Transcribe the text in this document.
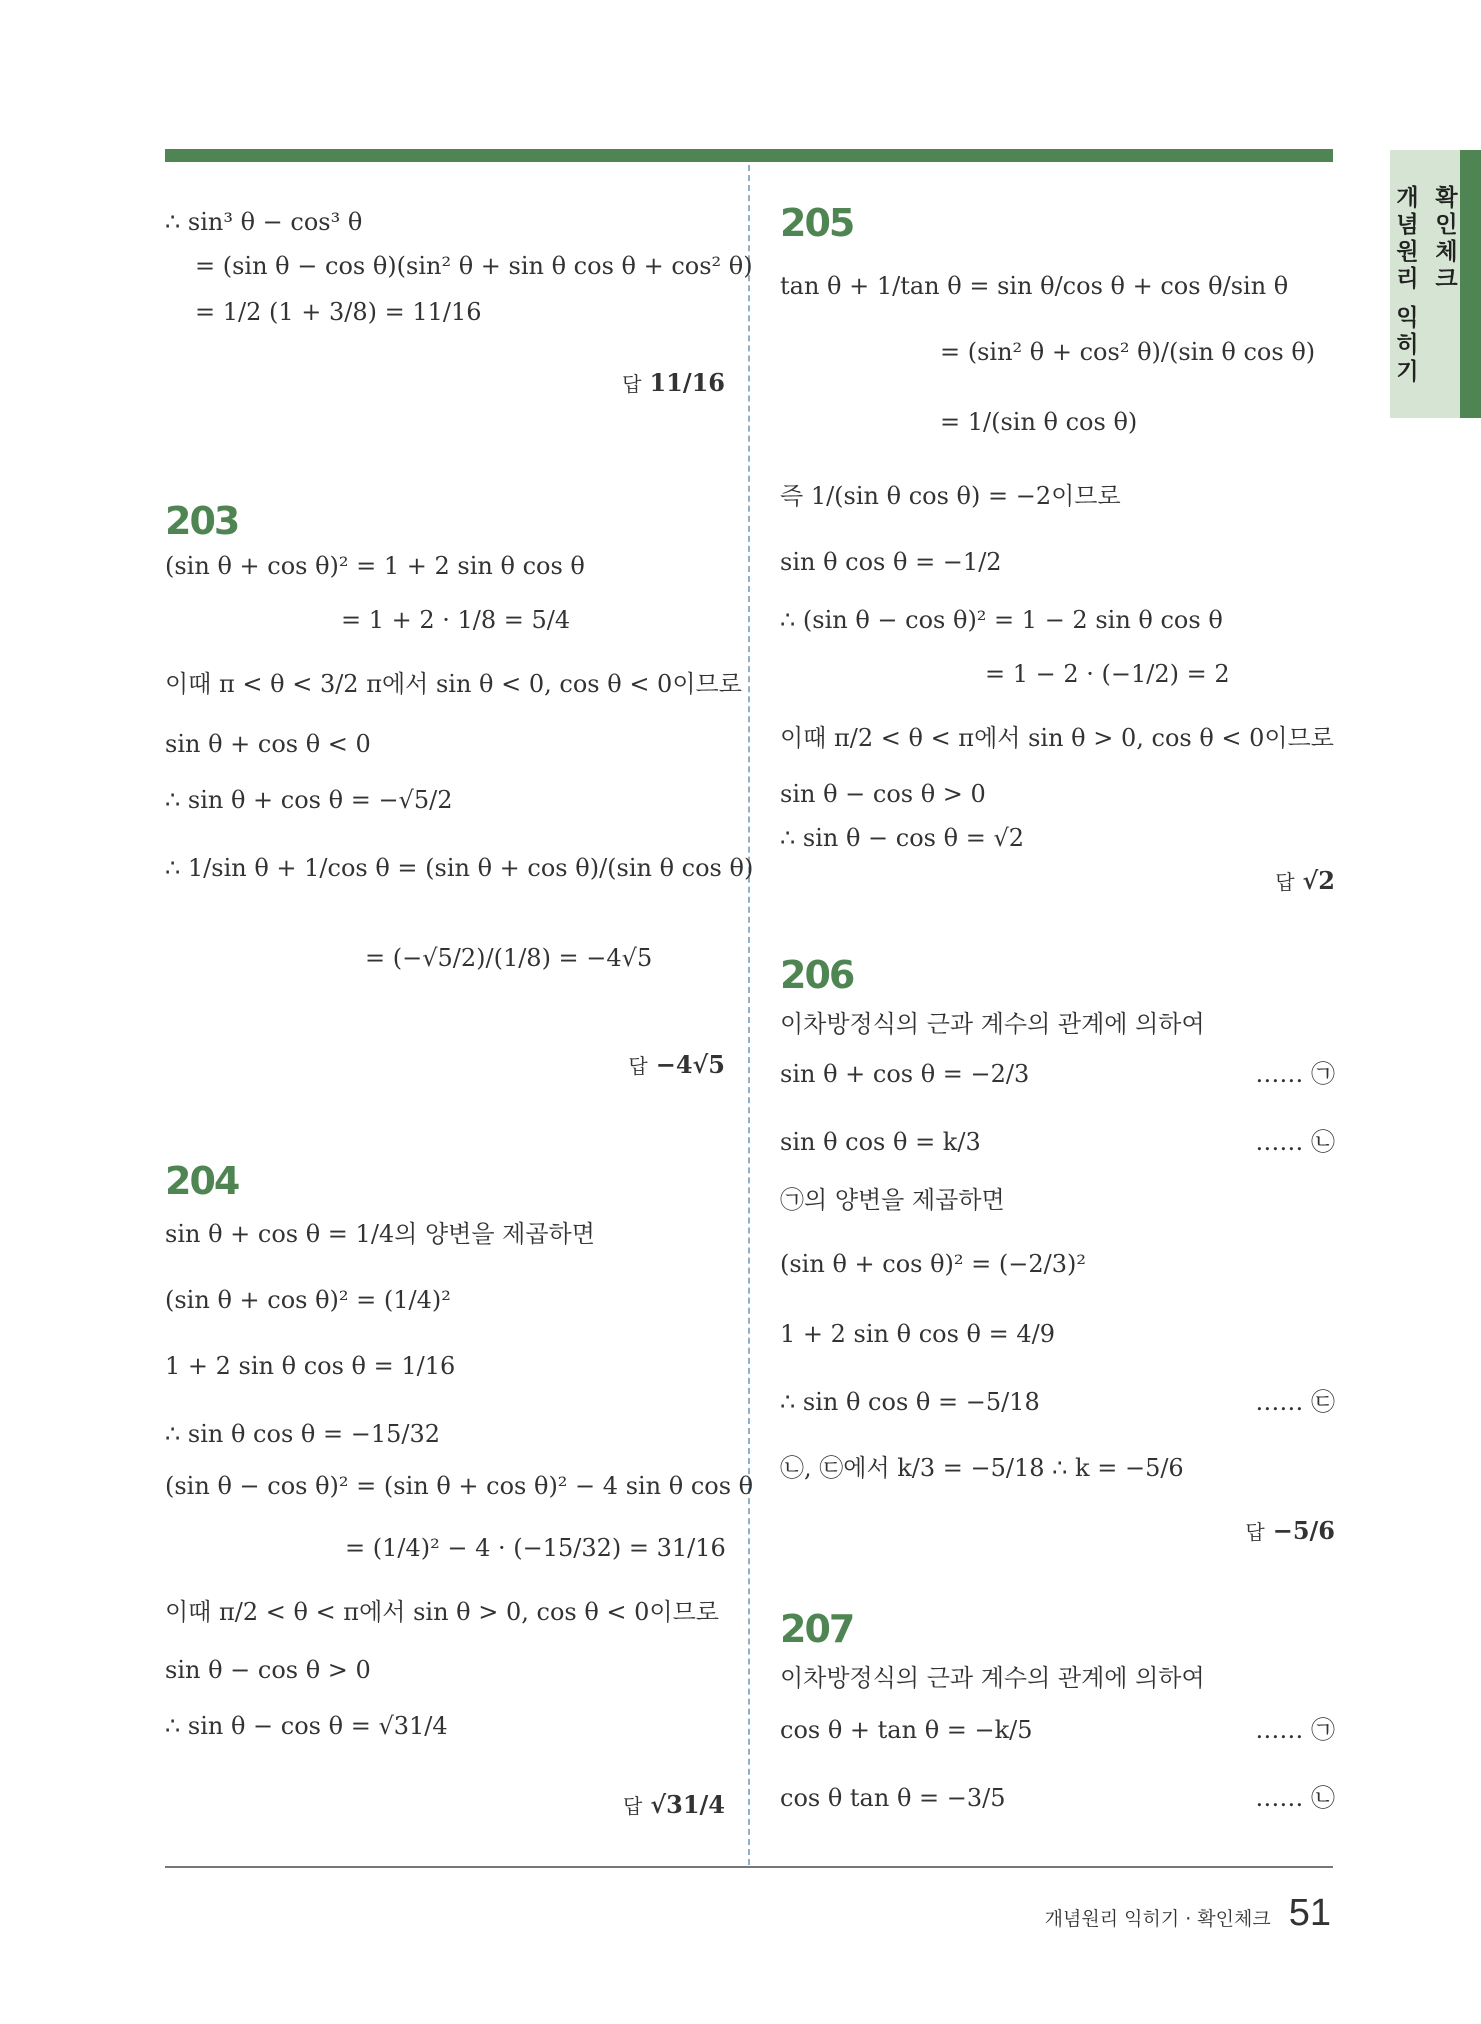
개념원리 익히기 확인체크
∴ sin³ θ − cos³ θ
= (sin θ − cos θ)(sin² θ + sin θ cos θ + cos² θ)
= 1/2 (1 + 3/8) = 11/16
답 11/16
203
(sin θ + cos θ)² = 1 + 2 sin θ cos θ
= 1 + 2 · 1/8 = 5/4
이때 π < θ < 3/2 π에서 sin θ < 0, cos θ < 0이므로
sin θ + cos θ < 0
∴ sin θ + cos θ = −√5/2
∴ 1/sin θ + 1/cos θ = (sin θ + cos θ)/(sin θ cos θ)
= (−√5/2)/(1/8) = −4√5
답 −4√5
204
sin θ + cos θ = 1/4의 양변을 제곱하면
(sin θ + cos θ)² = (1/4)²
1 + 2 sin θ cos θ = 1/16
∴ sin θ cos θ = −15/32
(sin θ − cos θ)² = (sin θ + cos θ)² − 4 sin θ cos θ
= (1/4)² − 4 · (−15/32) = 31/16
이때 π/2 < θ < π에서 sin θ > 0, cos θ < 0이므로
sin θ − cos θ > 0
∴ sin θ − cos θ = √31/4
답 √31/4
205
tan θ + 1/tan θ = sin θ/cos θ + cos θ/sin θ
= (sin² θ + cos² θ)/(sin θ cos θ)
= 1/(sin θ cos θ)
즉 1/(sin θ cos θ) = −2이므로
sin θ cos θ = −1/2
∴ (sin θ − cos θ)² = 1 − 2 sin θ cos θ
= 1 − 2 · (−1/2) = 2
이때 π/2 < θ < π에서 sin θ > 0, cos θ < 0이므로
sin θ − cos θ > 0
∴ sin θ − cos θ = √2
답 √2
206
이차방정식의 근과 계수의 관계에 의하여
sin θ + cos θ = −2/3	…… ㉠
sin θ cos θ = k/3	…… ㉡
㉠의 양변을 제곱하면
(sin θ + cos θ)² = (−2/3)²
1 + 2 sin θ cos θ = 4/9
∴ sin θ cos θ = −5/18	…… ㉢
㉡, ㉢에서 k/3 = −5/18 ∴ k = −5/6
답 −5/6
207
이차방정식의 근과 계수의 관계에 의하여
cos θ + tan θ = −k/5	…… ㉠
cos θ tan θ = −3/5	…… ㉡
개념원리 익히기 · 확인체크 51
